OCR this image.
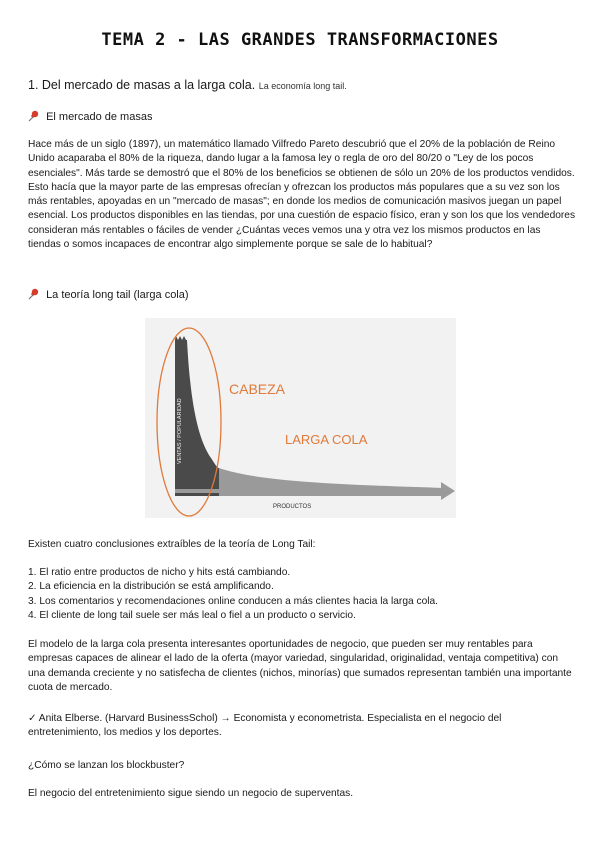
TEMA 2 - LAS GRANDES TRANSFORMACIONES

1. Del mercado de masas a la larga cola. La economía long tail.

El mercado de masas

Hace más de un siglo (1897), un matemático llamado Vilfredo Pareto descubrió que el 20% de la población de Reino Unido acaparaba el 80% de la riqueza, dando lugar a la famosa ley o regla de oro del 80/20 o "Ley de los pocos esenciales". Más tarde se demostró que el 80% de los beneficios se obtienen de sólo un 20% de los productos vendidos. Esto hacía que la mayor parte de las empresas ofrecían y ofrezcan los productos más populares que a su vez son los más rentables, apoyadas en un "mercado de masas"; en donde los medios de comunicación masivos juegan un papel esencial. Los productos disponibles en las tiendas, por una cuestión de espacio físico, eran y son los que los vendedores consideran más rentables o fáciles de vender ¿Cuántas veces vemos una y otra vez los mismos productos en las tiendas o somos incapaces de encontrar algo simplemente porque se sale de lo habitual?

La teoría long tail (larga cola)

CABEZA
LARGA COLA
PRODUCTOS
VENTAS / POPULARIDAD

Existen cuatro conclusiones extraíbles de la teoría de Long Tail:

1. El ratio entre productos de nicho y hits está cambiando.
2. La eficiencia en la distribución se está amplificando.
3. Los comentarios y recomendaciones online conducen a más clientes hacia la larga cola.
4. El cliente de long tail suele ser más leal o fiel a un producto o servicio.

El modelo de la larga cola presenta interesantes oportunidades de negocio, que pueden ser muy rentables para empresas capaces de alinear el lado de la oferta (mayor variedad, singularidad, originalidad, ventaja competitiva) con una demanda creciente y no satisfecha de clientes (nichos, minorías) que sumados representan también una importante cuota de mercado.

✓ Anita Elberse. (Harvard BusinessSchol) → Economista y econometrista. Especialista en el negocio del entretenimiento, los medios y los deportes.

¿Cómo se lanzan los blockbuster?

El negocio del entretenimiento sigue siendo un negocio de superventas.
